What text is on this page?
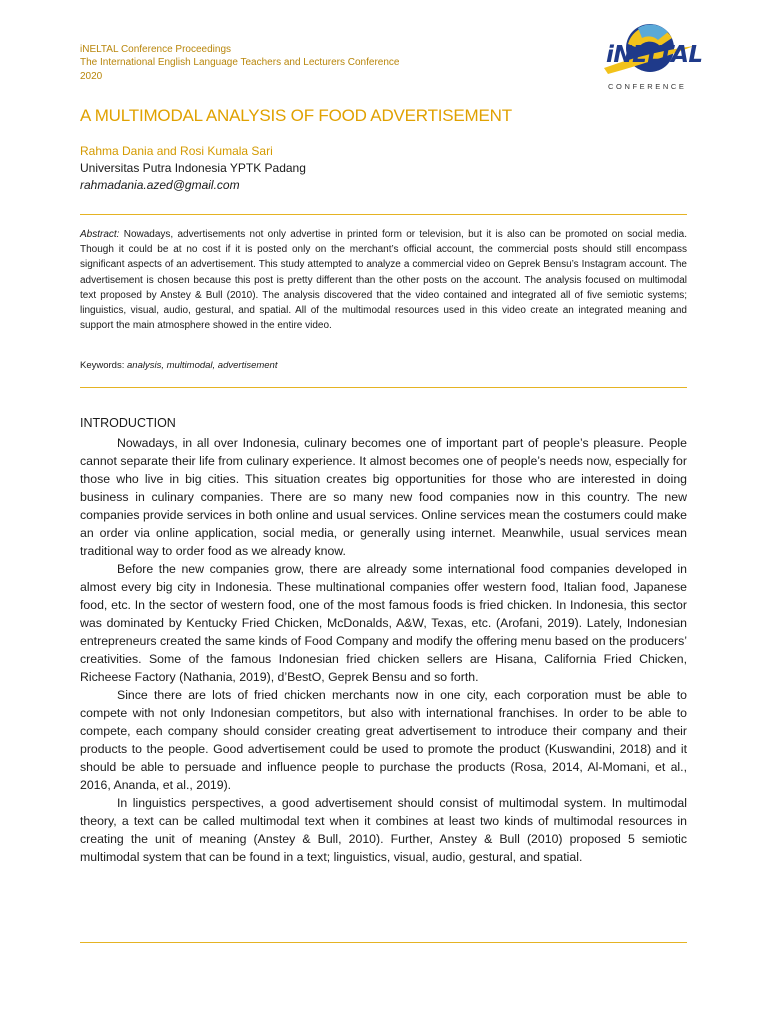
iNELTAL Conference Proceedings
The International English Language Teachers and Lecturers Conference
2020
iNELTAL
CONFERENCE
A MULTIMODAL ANALYSIS OF FOOD ADVERTISEMENT
Rahma Dania and Rosi Kumala Sari
Universitas Putra Indonesia YPTK Padang
rahmadania.azed@gmail.com
Abstract: Nowadays, advertisements not only advertise in printed form or television, but it is also can be promoted on social media. Though it could be at no cost if it is posted only on the merchant’s official account, the commercial posts should still encompass significant aspects of an advertisement. This study attempted to analyze a commercial video on Geprek Bensu’s Instagram account. The advertisement is chosen because this post is pretty different than the other posts on the account. The analysis focused on multimodal text proposed by Anstey & Bull (2010). The analysis discovered that the video contained and integrated all of five semiotic systems; linguistics, visual, audio, gestural, and spatial. All of the multimodal resources used in this video create an integrated meaning and support the main atmosphere showed in the entire video.
Keywords: analysis, multimodal, advertisement
INTRODUCTION

Nowadays, in all over Indonesia, culinary becomes one of important part of people’s pleasure. People cannot separate their life from culinary experience. It almost becomes one of people’s needs now, especially for those who live in big cities. This situation creates big opportunities for those who are interested in doing business in culinary companies. There are so many new food companies now in this country. The new companies provide services in both online and usual services. Online services mean the costumers could make an order via online application, social media, or generally using internet. Meanwhile, usual services mean traditional way to order food as we already know.

Before the new companies grow, there are already some international food companies developed in almost every big city in Indonesia. These multinational companies offer western food, Italian food, Japanese food, etc. In the sector of western food, one of the most famous foods is fried chicken. In Indonesia, this sector was dominated by Kentucky Fried Chicken, McDonalds, A&W, Texas, etc. (Arofani, 2019). Lately, Indonesian entrepreneurs created the same kinds of Food Company and modify the offering menu based on the producers’ creativities. Some of the famous Indonesian fried chicken sellers are Hisana, California Fried Chicken, Richeese Factory (Nathania, 2019), d’BestO, Geprek Bensu and so forth.

Since there are lots of fried chicken merchants now in one city, each corporation must be able to compete with not only Indonesian competitors, but also with international franchises. In order to be able to compete, each company should consider creating great advertisement to introduce their company and their products to the people. Good advertisement could be used to promote the product (Kuswandini, 2018) and it should be able to persuade and influence people to purchase the products (Rosa, 2014, Al-Momani, et al., 2016, Ananda, et al., 2019).

In linguistics perspectives, a good advertisement should consist of multimodal system. In multimodal theory, a text can be called multimodal text when it combines at least two kinds of multimodal resources in creating the unit of meaning (Anstey & Bull, 2010). Further, Anstey & Bull (2010) proposed 5 semiotic multimodal system that can be found in a text; linguistics, visual, audio, gestural, and spatial.
